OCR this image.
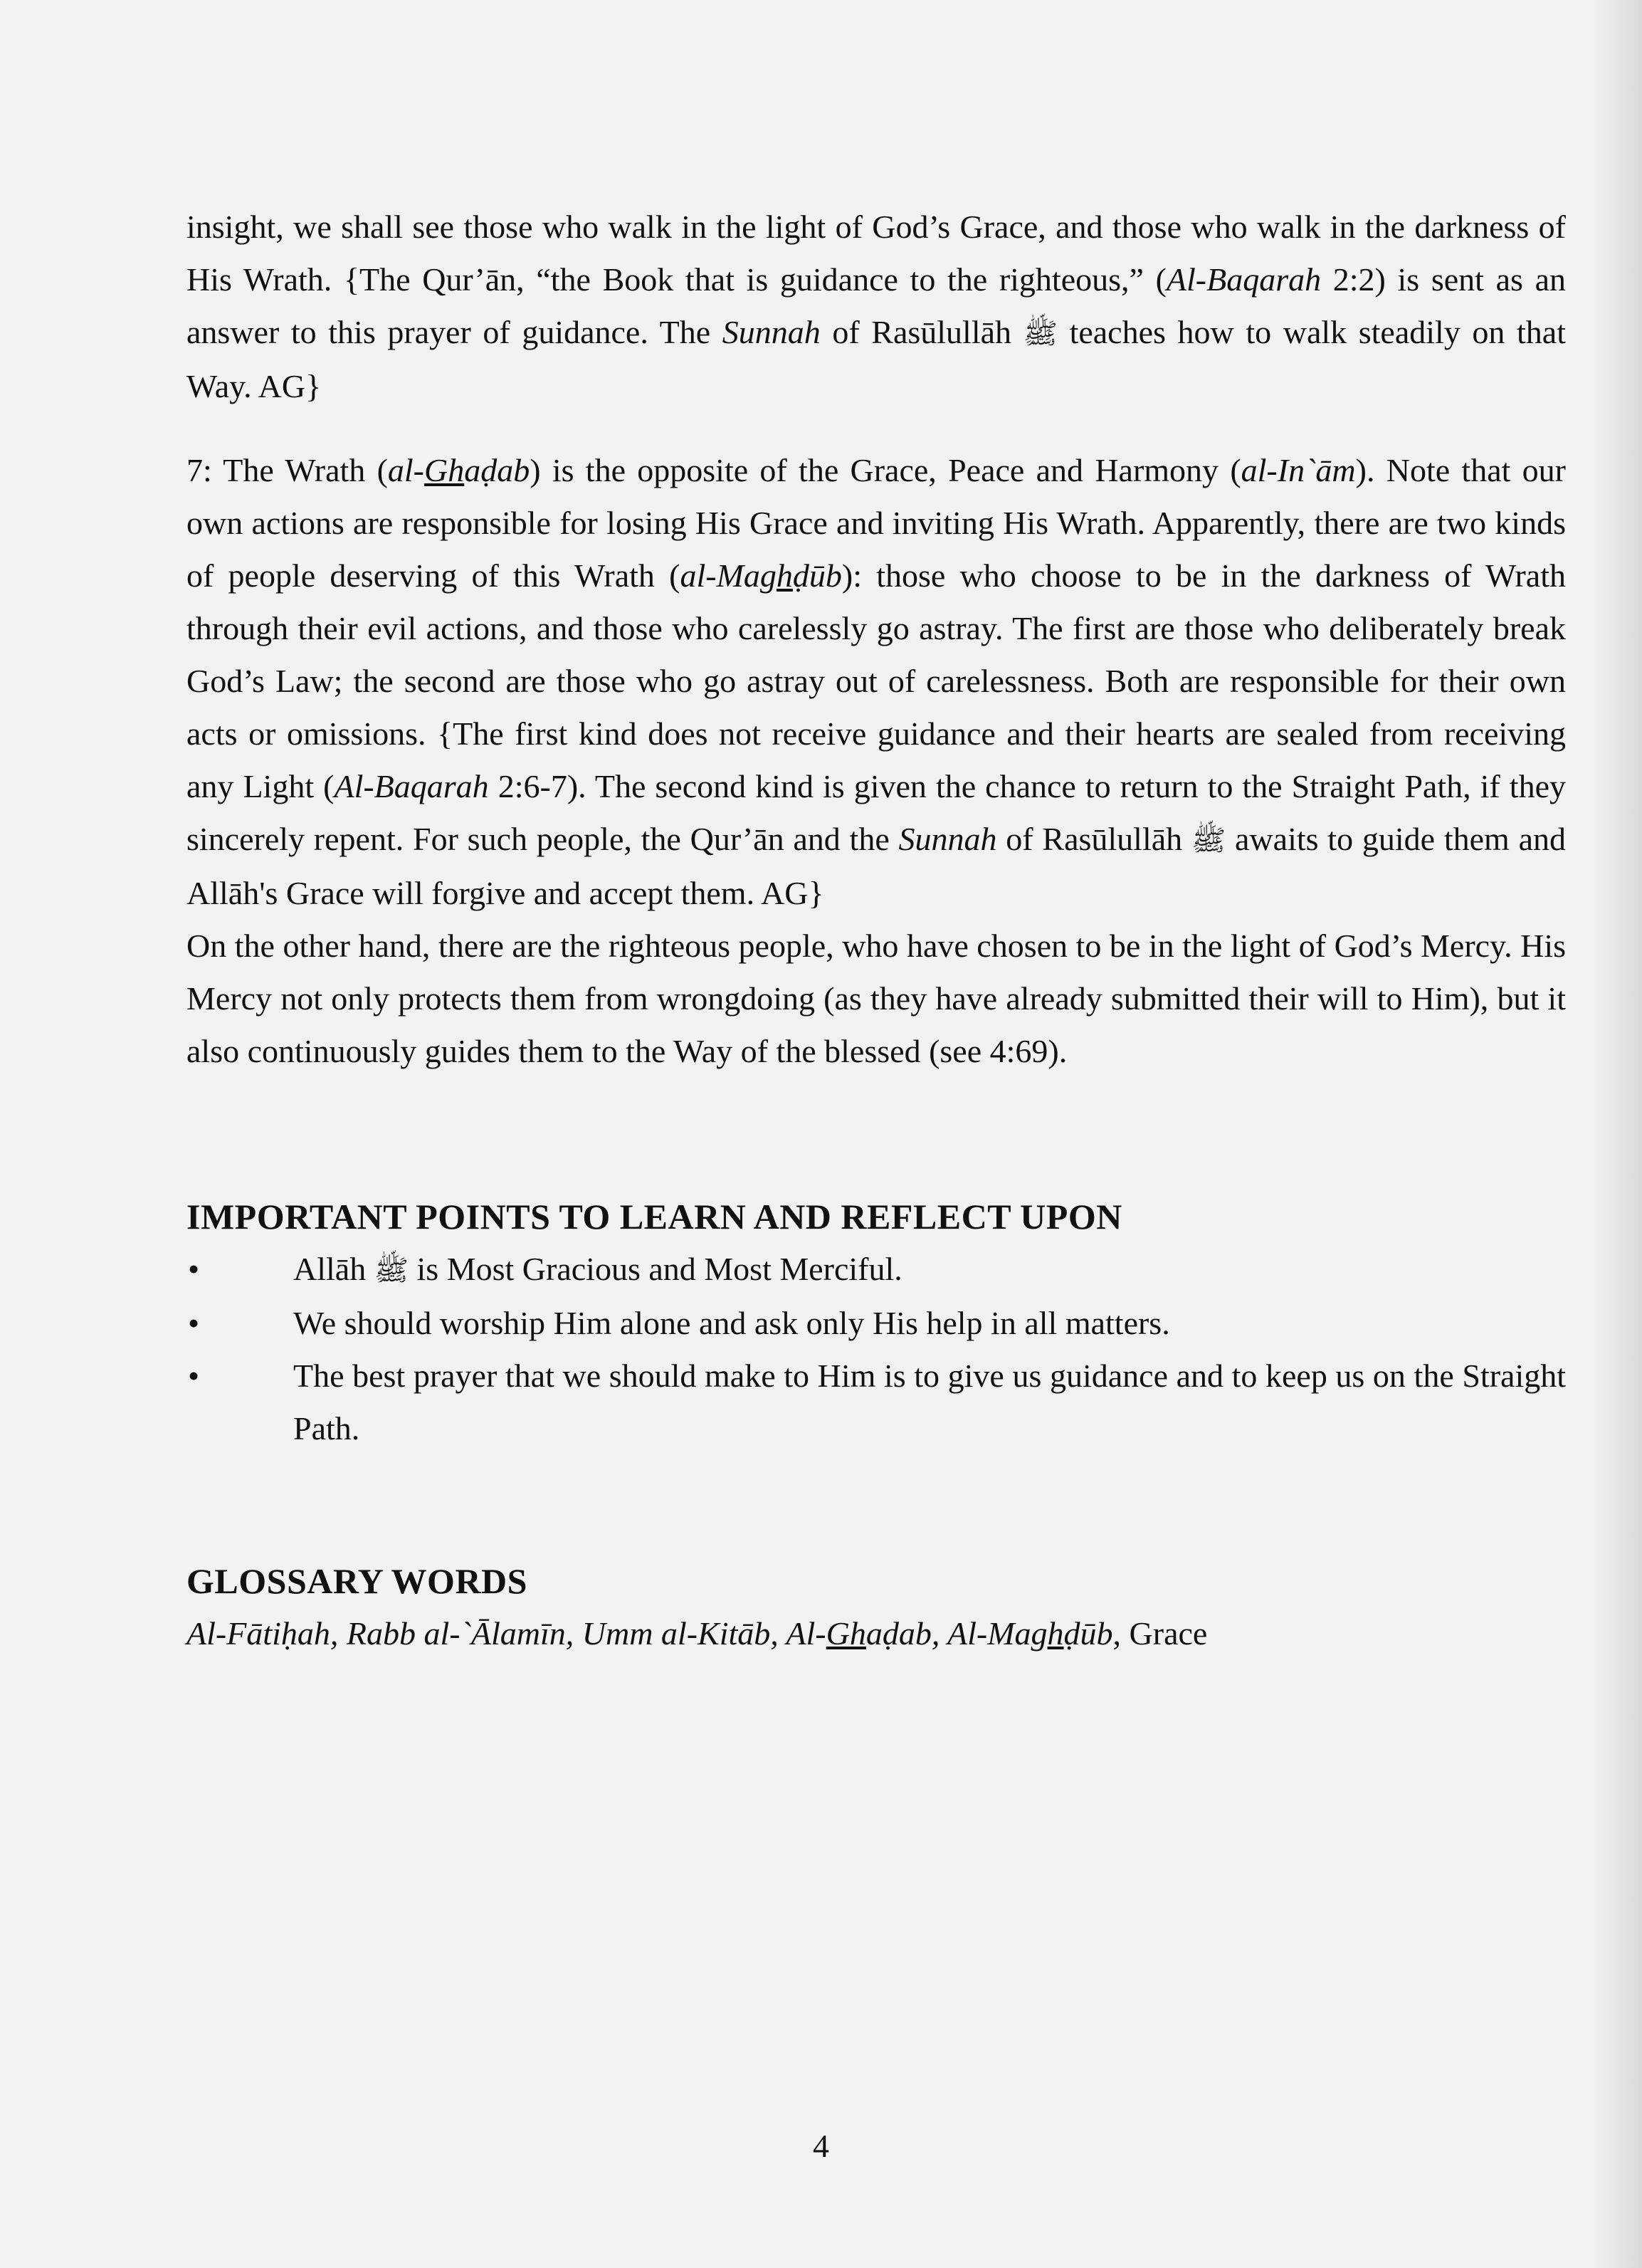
insight, we shall see those who walk in the light of God’s Grace, and those who walk in the darkness of His Wrath. {The Qur’ān, “the Book that is guidance to the righteous,” (Al-Baqarah 2:2) is sent as an answer to this prayer of guidance. The Sunnah of Rasūlullāh ﷺ teaches how to walk steadily on that Way. AG}

7: The Wrath (al-Ghaḍab) is the opposite of the Grace, Peace and Harmony (al-In`ām). Note that our own actions are responsible for losing His Grace and inviting His Wrath. Apparently, there are two kinds of people deserving of this Wrath (al-Maghḍūb): those who choose to be in the darkness of Wrath through their evil actions, and those who carelessly go astray. The first are those who deliberately break God’s Law; the second are those who go astray out of carelessness. Both are responsible for their own acts or omissions. {The first kind does not receive guidance and their hearts are sealed from receiving any Light (Al-Baqarah 2:6-7). The second kind is given the chance to return to the Straight Path, if they sincerely repent. For such people, the Qur’ān and the Sunnah of Rasūlullāh ﷺ awaits to guide them and Allāh's Grace will forgive and accept them. AG}

On the other hand, there are the righteous people, who have chosen to be in the light of God’s Mercy. His Mercy not only protects them from wrongdoing (as they have already submitted their will to Him), but it also continuously guides them to the Way of the blessed (see 4:69).

IMPORTANT POINTS TO LEARN AND REFLECT UPON
•	Allāh ﷺ is Most Gracious and Most Merciful.
•	We should worship Him alone and ask only His help in all matters.
•	The best prayer that we should make to Him is to give us guidance and to keep us on the Straight Path.
GLOSSARY WORDS

Al-Fātiḥah, Rabb al-`Ālamīn, Umm al-Kitāb, Al-Ghaḍab, Al-Maghḍūb, Grace

4
